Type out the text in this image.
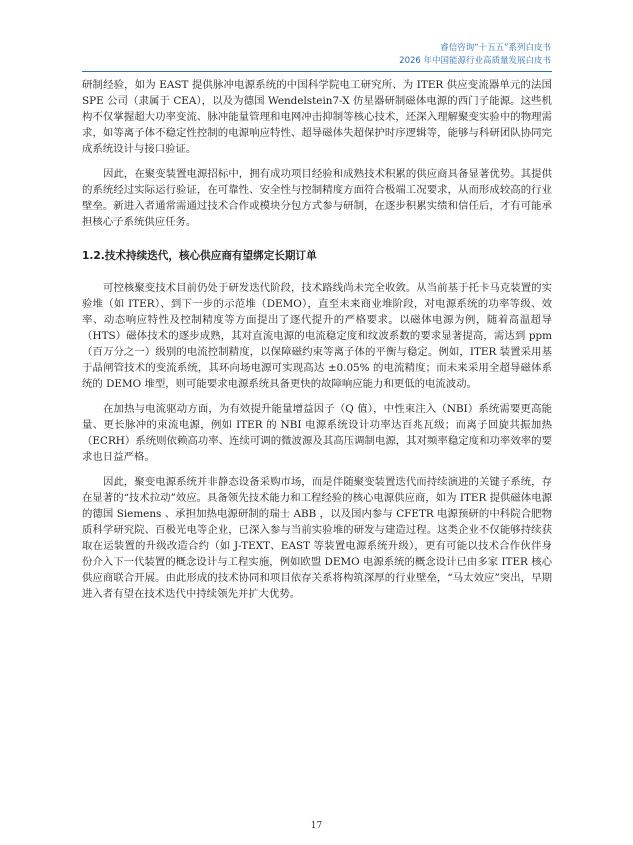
睿信咨询“十五五”系列白皮书
2026 年中国能源行业高质量发展白皮书

研制经验，如为 EAST 提供脉冲电源系统的中国科学院电工研究所、为 ITER 供应变流器单元的法国 SPE 公司（隶属于 CEA），以及为德国 Wendelstein7-X 仿星器研制磁体电源的西门子能源。这些机构不仅掌握超大功率变流、脉冲能量管理和电网冲击抑制等核心技术，还深入理解聚变实验中的物理需求，如等离子体不稳定性控制的电源响应特性、超导磁体失超保护时序逻辑等，能够与科研团队协同完成系统设计与接口验证。

因此，在聚变装置电源招标中，拥有成功项目经验和成熟技术积累的供应商具备显著优势。其提供的系统经过实际运行验证，在可靠性、安全性与控制精度方面符合极端工况要求，从而形成较高的行业壁垒。新进入者通常需通过技术合作或模块分包方式参与研制，在逐步积累实绩和信任后，才有可能承担核心子系统供应任务。

1.2.技术持续迭代，核心供应商有望绑定长期订单

可控核聚变技术目前仍处于研发迭代阶段，技术路线尚未完全收敛。从当前基于托卡马克装置的实验堆（如 ITER）、到下一步的示范堆（DEMO），直至未来商业堆阶段，对电源系统的功率等级、效率、动态响应特性及控制精度等方面提出了逐代提升的严格要求。以磁体电源为例，随着高温超导（HTS）磁体技术的逐步成熟，其对直流电源的电流稳定度和纹波系数的要求显著提高，需达到 ppm（百万分之一）级别的电流控制精度，以保障磁约束等离子体的平衡与稳定。例如，ITER 装置采用基于晶闸管技术的变流系统，其环向场电源可实现高达 ±0.05% 的电流精度；而未来采用全超导磁体系统的 DEMO 堆型，则可能要求电源系统具备更快的故障响应能力和更低的电流波动。

在加热与电流驱动方面，为有效提升能量增益因子（Q 值），中性束注入（NBI）系统需要更高能量、更长脉冲的束流电源，例如 ITER 的 NBI 电源系统设计功率达百兆瓦级；而离子回旋共振加热（ECRH）系统则依赖高功率、连续可调的微波源及其高压调制电源，其对频率稳定度和功率效率的要求也日益严格。

因此，聚变电源系统并非静态设备采购市场，而是伴随聚变装置迭代而持续演进的关键子系统，存在显著的“技术拉动”效应。具备领先技术能力和工程经验的核心电源供应商，如为 ITER 提供磁体电源的德国 Siemens 、承担加热电源研制的瑞士 ABB ，以及国内参与 CFETR 电源预研的中科院合肥物质科学研究院、百极光电等企业，已深入参与当前实验堆的研发与建造过程。这类企业不仅能够持续获取在运装置的升级改造合约（如 J-TEXT、EAST 等装置电源系统升级），更有可能以技术合作伙伴身份介入下一代装置的概念设计与工程实施，例如欧盟 DEMO 电源系统的概念设计已由多家 ITER 核心供应商联合开展。由此形成的技术协同和项目依存关系将构筑深厚的行业壁垒，“马太效应”突出，早期进入者有望在技术迭代中持续领先并扩大优势。

17
